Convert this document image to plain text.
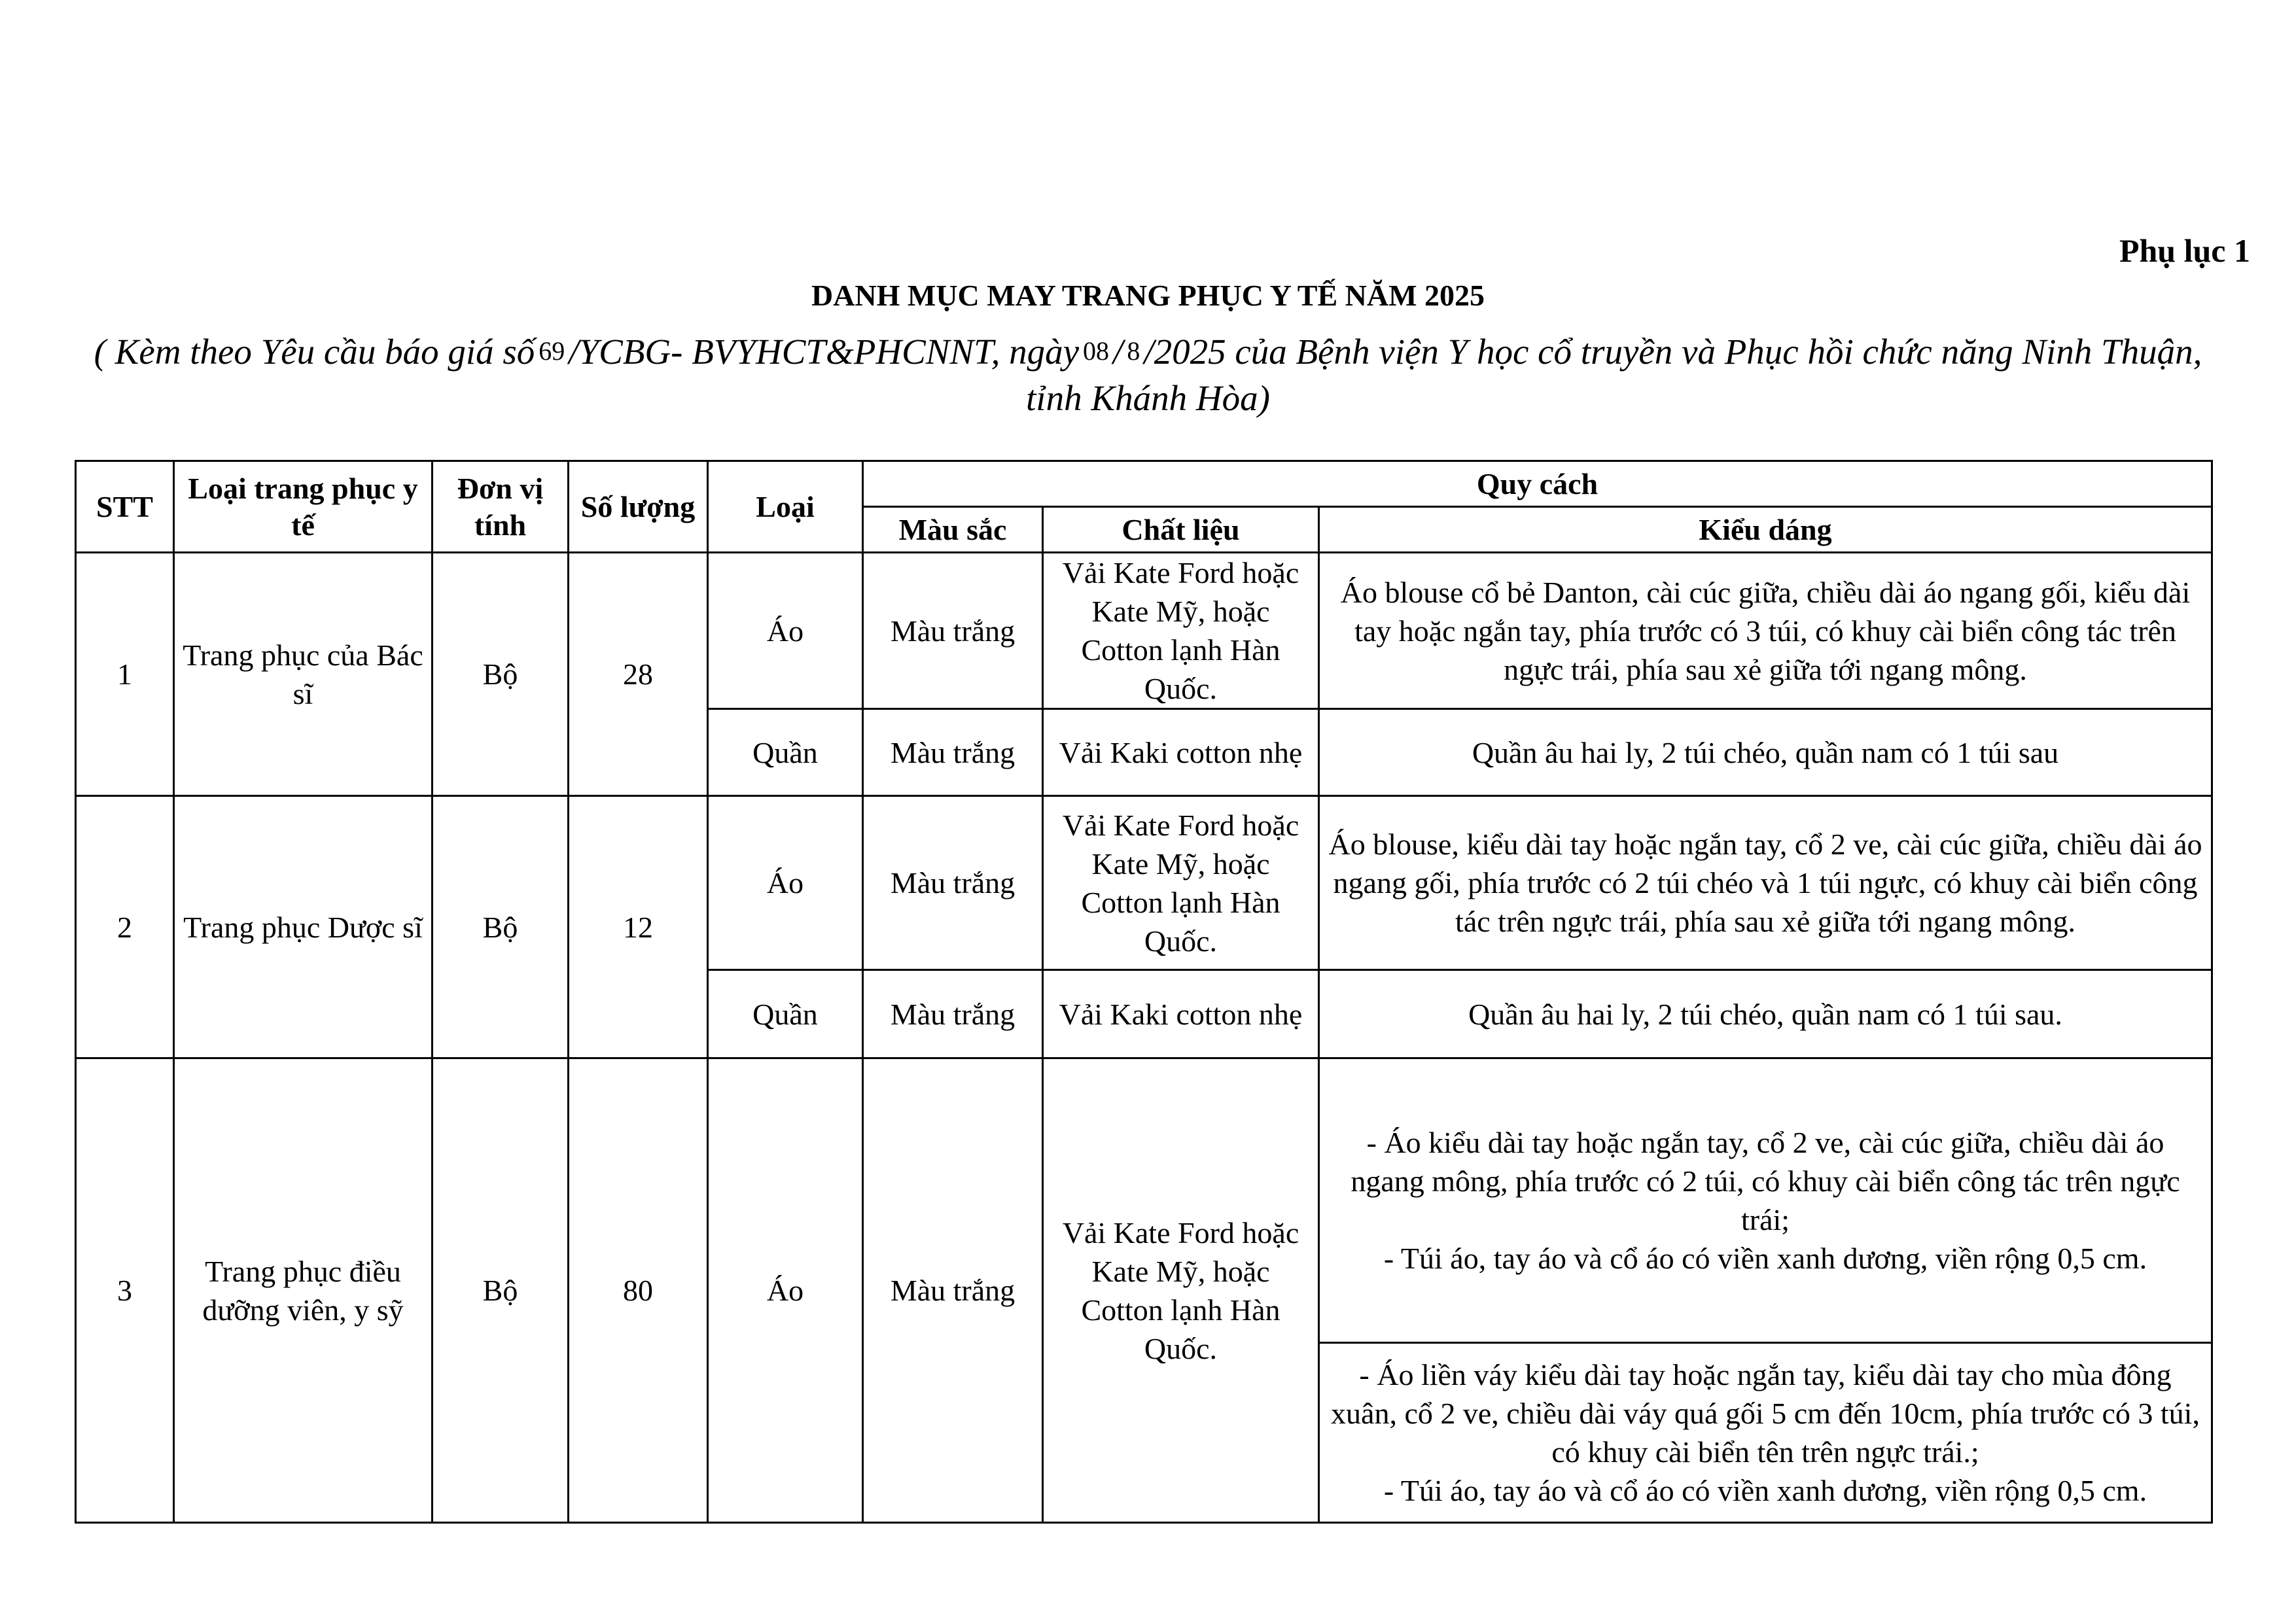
Phụ lục 1
DANH MỤC MAY TRANG PHỤC Y TẾ NĂM 2025
( Kèm theo Yêu cầu báo giá số 69 /YCBG- BVYHCT&PHCNNT, ngày 08 / 8 /2025 của Bệnh viện Y học cổ truyền và Phục hồi chức năng Ninh Thuận, tỉnh Khánh Hòa)
STT	Loại trang phục y tế	Đơn vị tính	Số lượng	Loại	Quy cách		
					Màu sắc	Chất liệu	Kiểu dáng
1	Trang phục của Bác sĩ	Bộ	28	Áo	Màu trắng	Vải Kate Ford hoặc Kate Mỹ, hoặc Cotton lạnh Hàn Quốc.	Áo blouse cổ bẻ Danton, cài cúc giữa, chiều dài áo ngang gối, kiểu dài tay hoặc ngắn tay, phía trước có 3 túi, có khuy cài biển công tác trên ngực trái, phía sau xẻ giữa tới ngang mông.
				Quần	Màu trắng	Vải Kaki cotton nhẹ	Quần âu hai ly, 2 túi chéo, quần nam có 1 túi sau
2	Trang phục Dược sĩ	Bộ	12	Áo	Màu trắng	Vải Kate Ford hoặc Kate Mỹ, hoặc Cotton lạnh Hàn Quốc.	Áo blouse, kiểu dài tay hoặc ngắn tay, cổ 2 ve, cài cúc giữa, chiều dài áo ngang gối, phía trước có 2 túi chéo và 1 túi ngực, có khuy cài biển công tác trên ngực trái, phía sau xẻ giữa tới ngang mông.
				Quần	Màu trắng	Vải Kaki cotton nhẹ	Quần âu hai ly, 2 túi chéo, quần nam có 1 túi sau.
3	Trang phục điều dưỡng viên, y sỹ	Bộ	80	Áo	Màu trắng	Vải Kate Ford hoặc Kate Mỹ, hoặc Cotton lạnh Hàn Quốc.	- Áo kiểu dài tay hoặc ngắn tay, cổ 2 ve, cài cúc giữa, chiều dài áo ngang mông, phía trước có 2 túi, có khuy cài biển công tác trên ngực trái;
- Túi áo, tay áo và cổ áo có viền xanh dương, viền rộng 0,5 cm.

							- Áo liền váy kiểu dài tay hoặc ngắn tay, kiểu dài tay cho mùa đông xuân, cổ 2 ve, chiều dài váy quá gối 5 cm đến 10cm, phía trước có 3 túi, có khuy cài biển tên trên ngực trái.;
- Túi áo, tay áo và cổ áo có viền xanh dương, viền rộng 0,5 cm.
